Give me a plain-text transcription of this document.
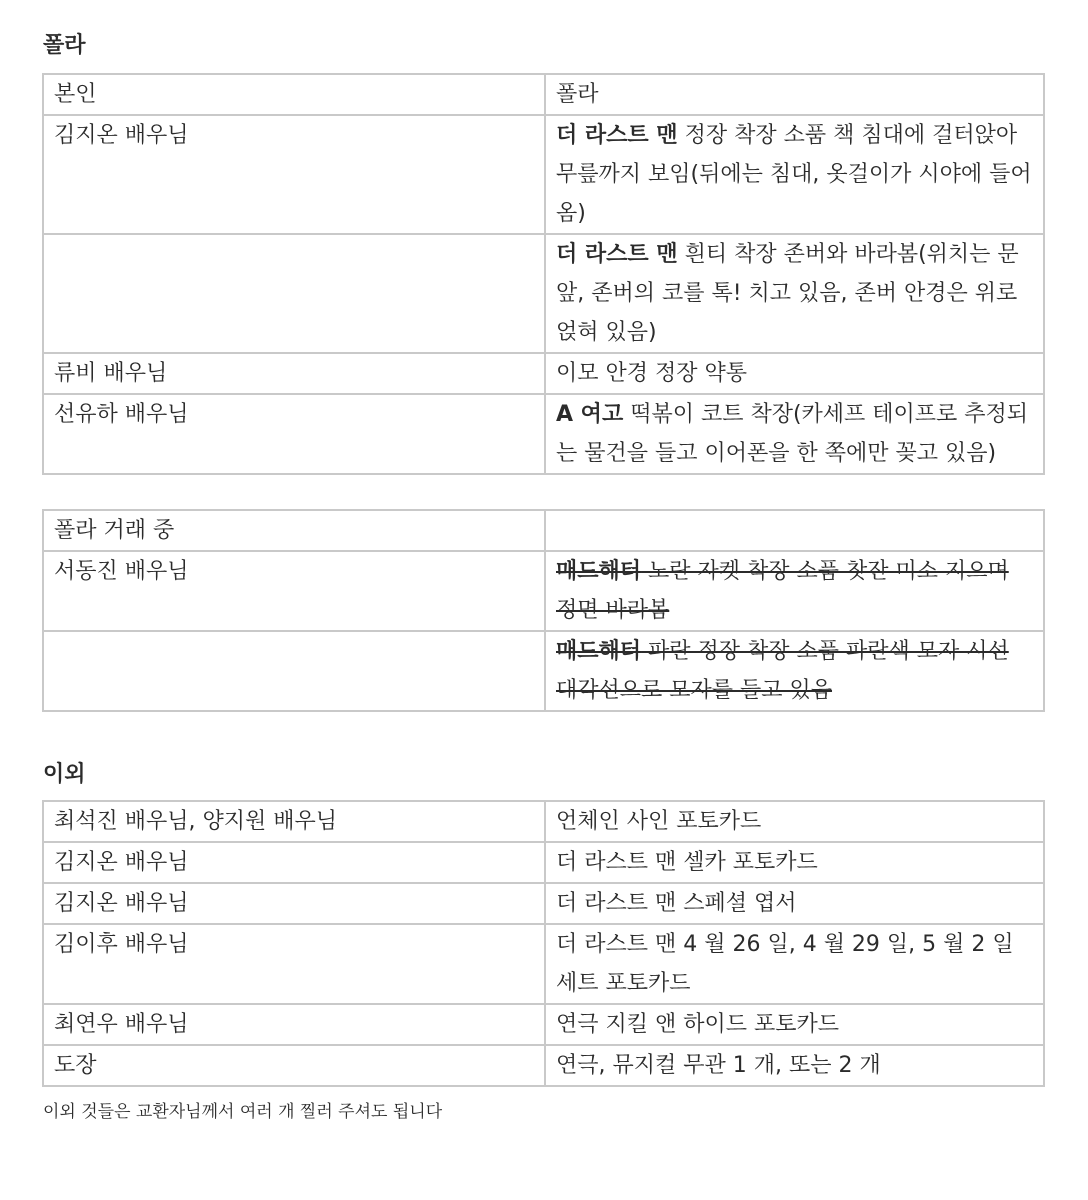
폴라
본인	폴라
김지온 배우님	더 라스트 맨 정장 착장 소품 책 침대에 걸터앉아 무릎까지 보임(뒤에는 침대, 옷걸이가 시야에 들어옴)
	더 라스트 맨 흰티 착장 존버와 바라봄(위치는 문 앞, 존버의 코를 톡! 치고 있음, 존버 안경은 위로 얹혀 있음)
류비 배우님	이모 안경 정장 약통
선유하 배우님	A 여고 떡볶이 코트 착장(카세프 테이프로 추정되는 물건을 들고 이어폰을 한 쪽에만 꽂고 있음)
폴라 거래 중	
서동진 배우님	매드해터 노란 자켓 착장 소품 찻잔 미소 지으며 정면 바라봄
	매드해터 파란 정장 착장 소품 파란색 모자 시선 대각선으로 모자를 들고 있음
이외
최석진 배우님, 양지원 배우님	언체인 사인 포토카드
김지온 배우님	더 라스트 맨 셀카 포토카드
김지온 배우님	더 라스트 맨 스페셜 엽서
김이후 배우님	더 라스트 맨 4 월 26 일, 4 월 29 일, 5 월 2 일 세트 포토카드
최연우 배우님	연극 지킬 앤 하이드 포토카드
도장	연극, 뮤지컬 무관 1 개, 또는 2 개

이외 것들은 교환자님께서 여러 개 찔러 주셔도 됩니다
